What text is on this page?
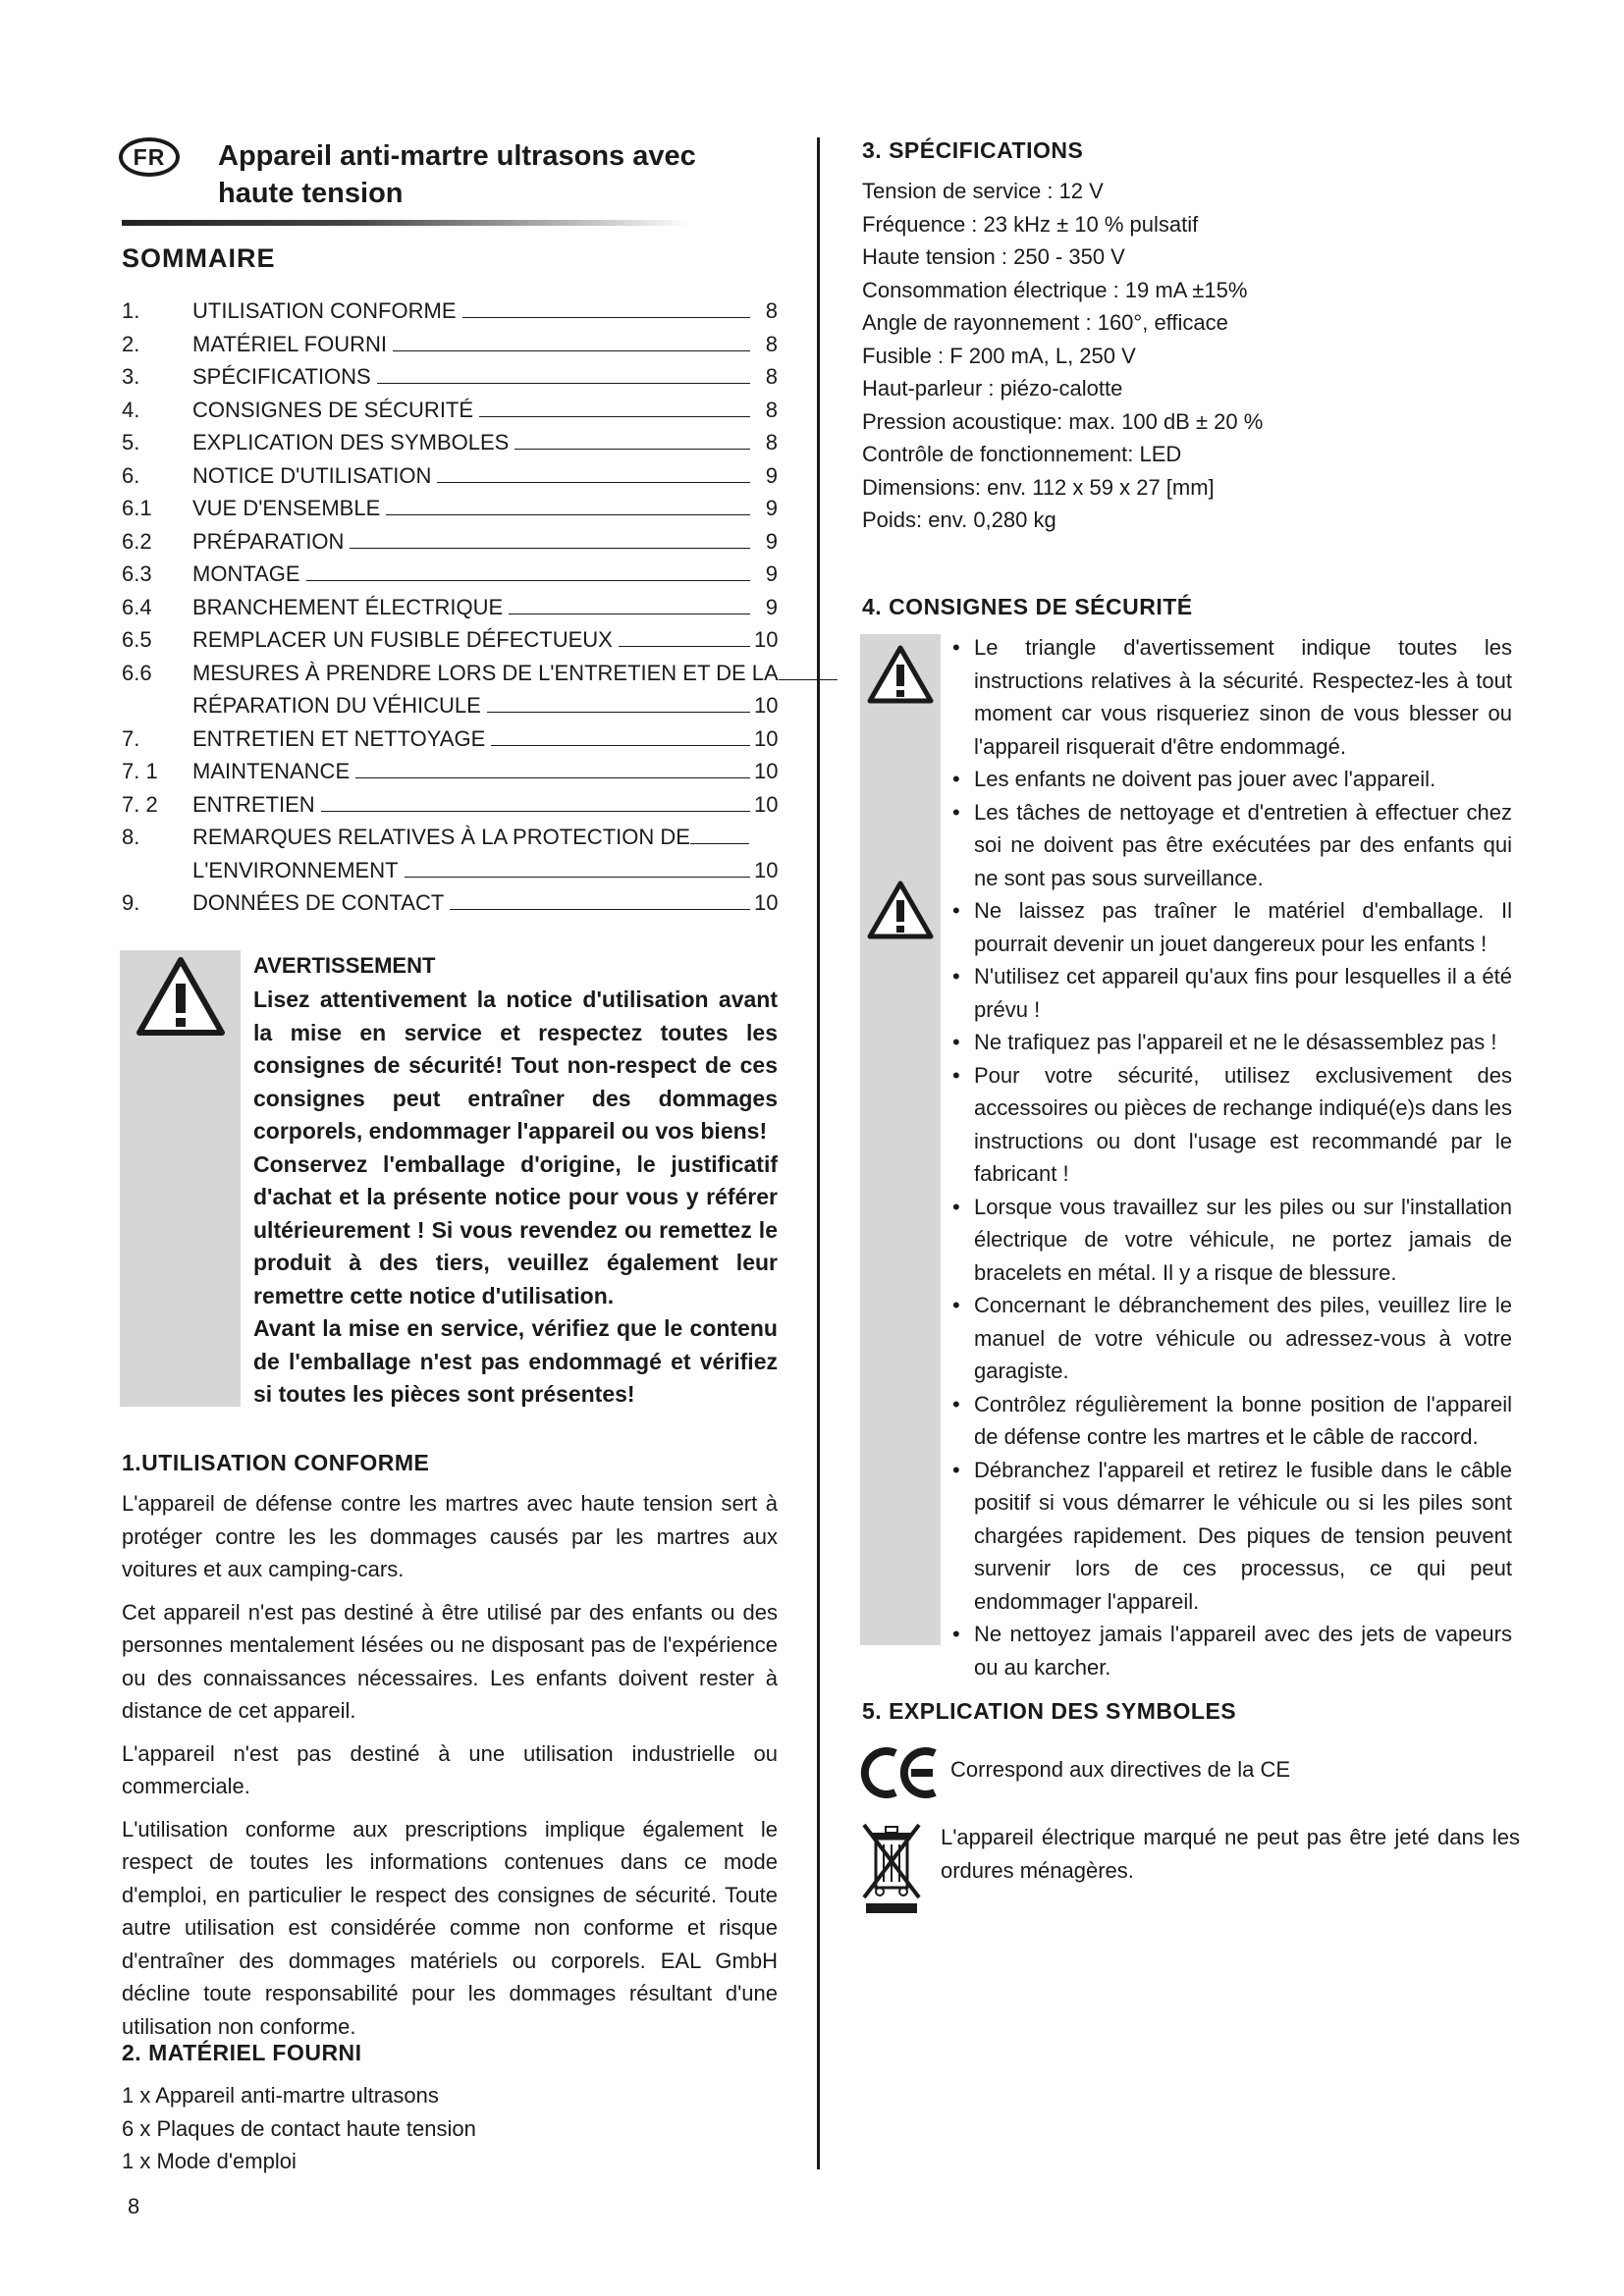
FR	Appareil anti-martre ultrasons avec haute tension
SOMMAIRE
1.	UTILISATION CONFORME	8
2.	MATÉRIEL FOURNI	8
3.	SPÉCIFICATIONS	8
4.	CONSIGNES DE SÉCURITÉ	8
5.	EXPLICATION DES SYMBOLES	8
6.	NOTICE D'UTILISATION	9
6.1	VUE D'ENSEMBLE	9
6.2	PRÉPARATION	9
6.3	MONTAGE	9
6.4	BRANCHEMENT ÉLECTRIQUE	9
6.5	REMPLACER UN FUSIBLE DÉFECTUEUX	10
6.6	MESURES À PRENDRE LORS DE L'ENTRETIEN ET DE LA
RÉPARATION DU VÉHICULE	10
7.	ENTRETIEN ET NETTOYAGE	10
7. 1	MAINTENANCE	10
7. 2	ENTRETIEN	10
8.	REMARQUES RELATIVES À LA PROTECTION DE
L'ENVIRONNEMENT	10
9.	DONNÉES DE CONTACT	10
AVERTISSEMENT

Lisez attentivement la notice d'utilisation avant la mise en service et respectez toutes les consignes de sécurité! Tout non-respect de ces consignes peut entraîner des dommages corporels, endommager l'appareil ou vos biens!

Conservez l'emballage d'origine, le justificatif d'achat et la présente notice pour vous y référer ultérieurement ! Si vous revendez ou remettez le produit à des tiers, veuillez également leur remettre cette notice d'utilisation.

Avant la mise en service, vérifiez que le contenu de l'emballage n'est pas endommagé et vérifiez si toutes les pièces sont présentes!

1.UTILISATION CONFORME

L'appareil de défense contre les martres avec haute tension sert à protéger contre les les dommages causés par les martres aux voitures et aux camping-cars.

Cet appareil n'est pas destiné à être utilisé par des enfants ou des personnes mentalement lésées ou ne disposant pas de l'expérience ou des connaissances nécessaires. Les enfants doivent rester à distance de cet appareil.

L'appareil n'est pas destiné à une utilisation industrielle ou commerciale.

L'utilisation conforme aux prescriptions implique également le respect de toutes les informations contenues dans ce mode d'emploi, en particulier le respect des consignes de sécurité. Toute autre utilisation est considérée comme non conforme et risque d'entraîner des dommages matériels ou corporels. EAL GmbH décline toute responsabilité pour les dommages résultant d'une utilisation non conforme.

2. MATÉRIEL FOURNI
1 x Appareil anti-martre ultrasons
6 x Plaques de contact haute tension
1 x Mode d'emploi
8
3. SPÉCIFICATIONS
Tension de service : 12 V
Fréquence : 23 kHz ± 10 % pulsatif
Haute tension : 250 - 350 V
Consommation électrique : 19 mA ±15%
Angle de rayonnement : 160°, efficace
Fusible : F 200 mA, L, 250 V
Haut-parleur : piézo-calotte
Pression acoustique: max. 100 dB ± 20 %
Contrôle de fonctionnement: LED
Dimensions: env. 112 x 59 x 27 [mm]
Poids: env. 0,280 kg
4. CONSIGNES DE SÉCURITÉ
• Le triangle d'avertissement indique toutes les instructions relatives à la sécurité. Respectez-les à tout moment car vous risqueriez sinon de vous blesser ou l'appareil risquerait d'être endommagé.
• Les enfants ne doivent pas jouer avec l'appareil.
• Les tâches de nettoyage et d'entretien à effectuer chez soi ne doivent pas être exécutées par des enfants qui ne sont pas sous surveillance.
• Ne laissez pas traîner le matériel d'emballage. Il pourrait devenir un jouet dangereux pour les enfants !
• N'utilisez cet appareil qu'aux fins pour lesquelles il a été prévu !
• Ne trafiquez pas l'appareil et ne le désassemblez pas !
• Pour votre sécurité, utilisez exclusivement des accessoires ou pièces de rechange indiqué(e)s dans les instructions ou dont l'usage est recommandé par le fabricant !
• Lorsque vous travaillez sur les piles ou sur l'installation électrique de votre véhicule, ne portez jamais de bracelets en métal. Il y a risque de blessure.
• Concernant le débranchement des piles, veuillez lire le manuel de votre véhicule ou adressez-vous à votre garagiste.
• Contrôlez régulièrement la bonne position de l'appareil de défense contre les martres et le câble de raccord.
• Débranchez l'appareil et retirez le fusible dans le câble positif si vous démarrer le véhicule ou si les piles sont chargées rapidement. Des piques de tension peuvent survenir lors de ces processus, ce qui peut endommager l'appareil.
• Ne nettoyez jamais l'appareil avec des jets de vapeurs ou au karcher.
5. EXPLICATION DES SYMBOLES
Correspond aux directives de la CE
L'appareil électrique marqué ne peut pas être jeté dans les ordures ménagères.
